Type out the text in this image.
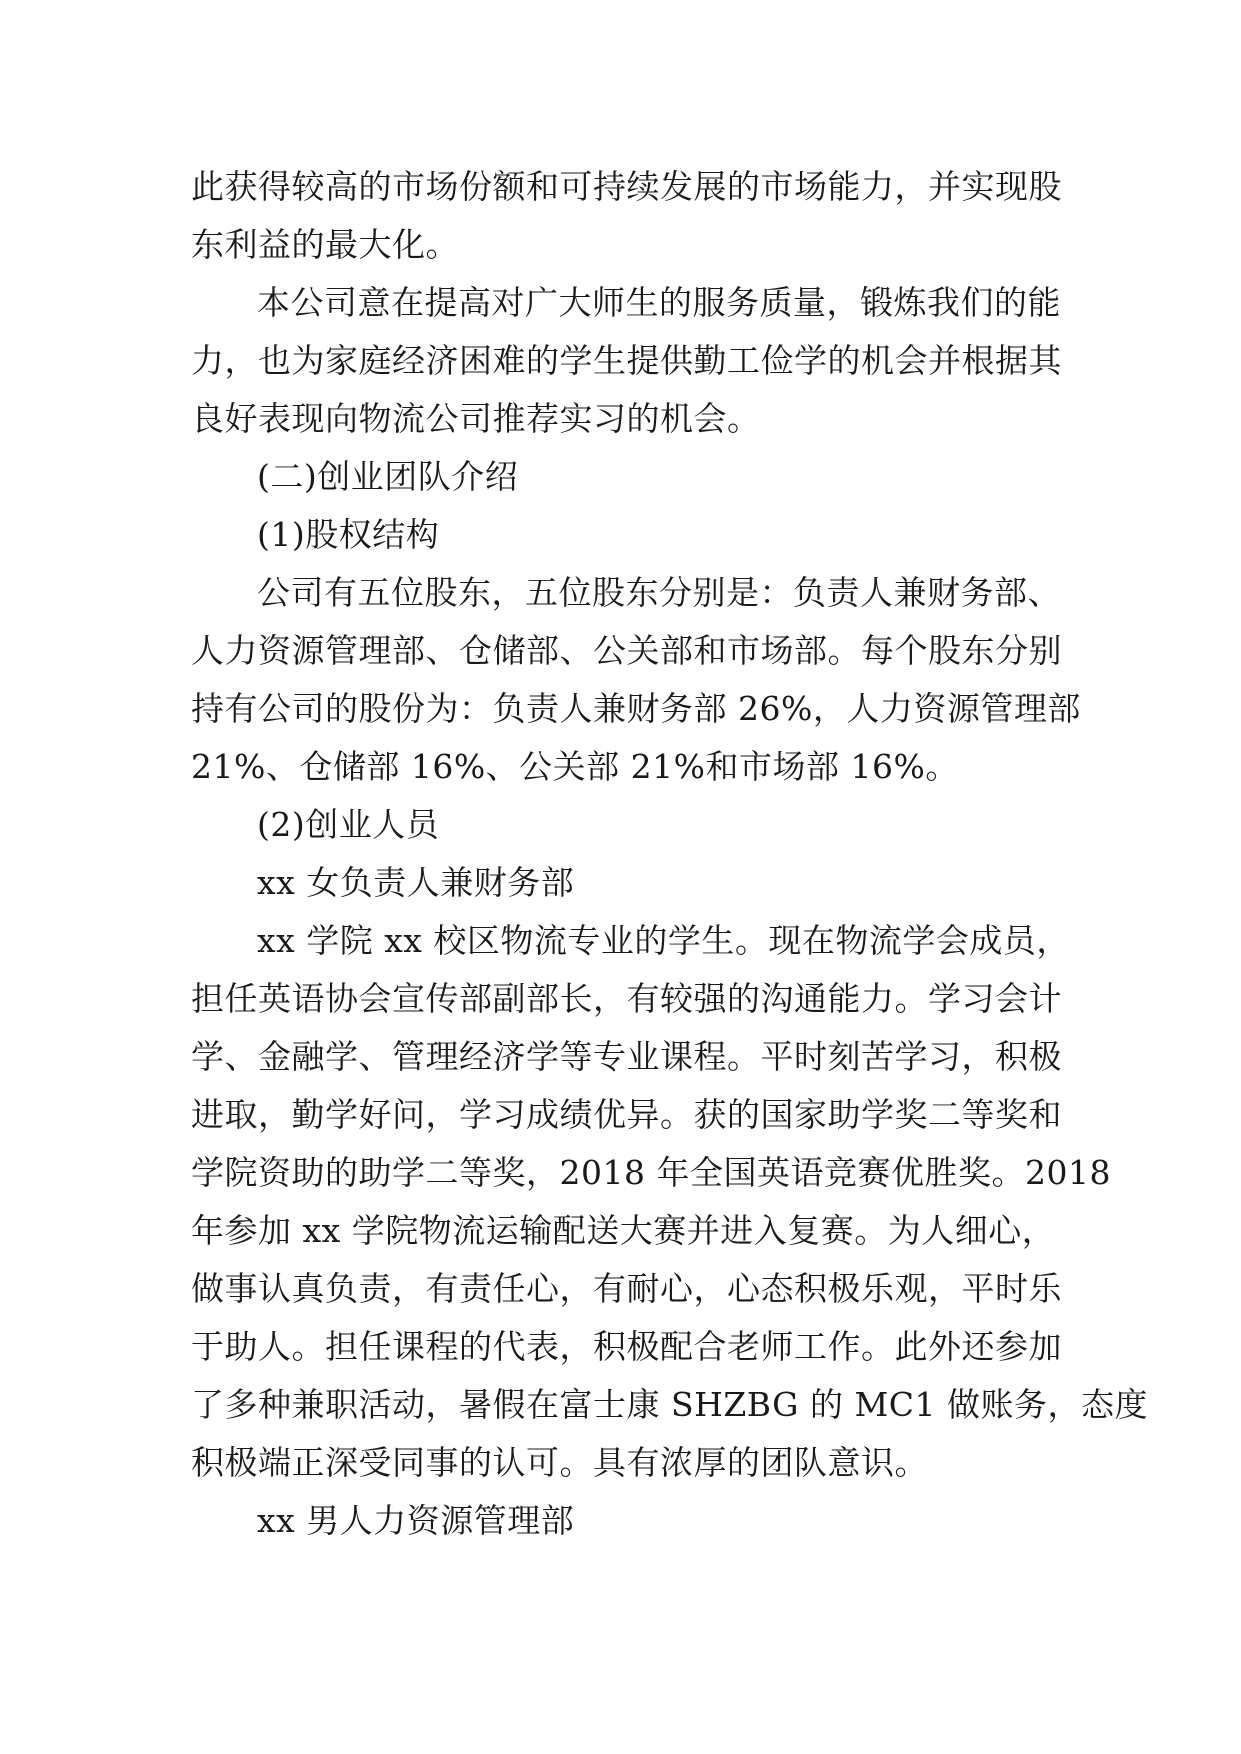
此获得较高的市场份额和可持续发展的市场能力，并实现股
东利益的最大化。
本公司意在提高对广大师生的服务质量，锻炼我们的能
力，也为家庭经济困难的学生提供勤工俭学的机会并根据其
良好表现向物流公司推荐实习的机会。
(二)创业团队介绍
(1)股权结构
公司有五位股东，五位股东分别是：负责人兼财务部、
人力资源管理部、仓储部、公关部和市场部。每个股东分别
持有公司的股份为：负责人兼财务部 26%，人力资源管理部
21%、仓储部 16%、公关部 21%和市场部 16%。
(2)创业人员
xx 女负责人兼财务部
xx 学院 xx 校区物流专业的学生。现在物流学会成员，
担任英语协会宣传部副部长，有较强的沟通能力。学习会计
学、金融学、管理经济学等专业课程。平时刻苦学习，积极
进取，勤学好问，学习成绩优异。获的国家助学奖二等奖和
学院资助的助学二等奖，2018 年全国英语竞赛优胜奖。2018
年参加 xx 学院物流运输配送大赛并进入复赛。为人细心，
做事认真负责，有责任心，有耐心，心态积极乐观，平时乐
于助人。担任课程的代表，积极配合老师工作。此外还参加
了多种兼职活动，暑假在富士康 SHZBG 的 MC1 做账务，态度
积极端正深受同事的认可。具有浓厚的团队意识。
xx 男人力资源管理部
